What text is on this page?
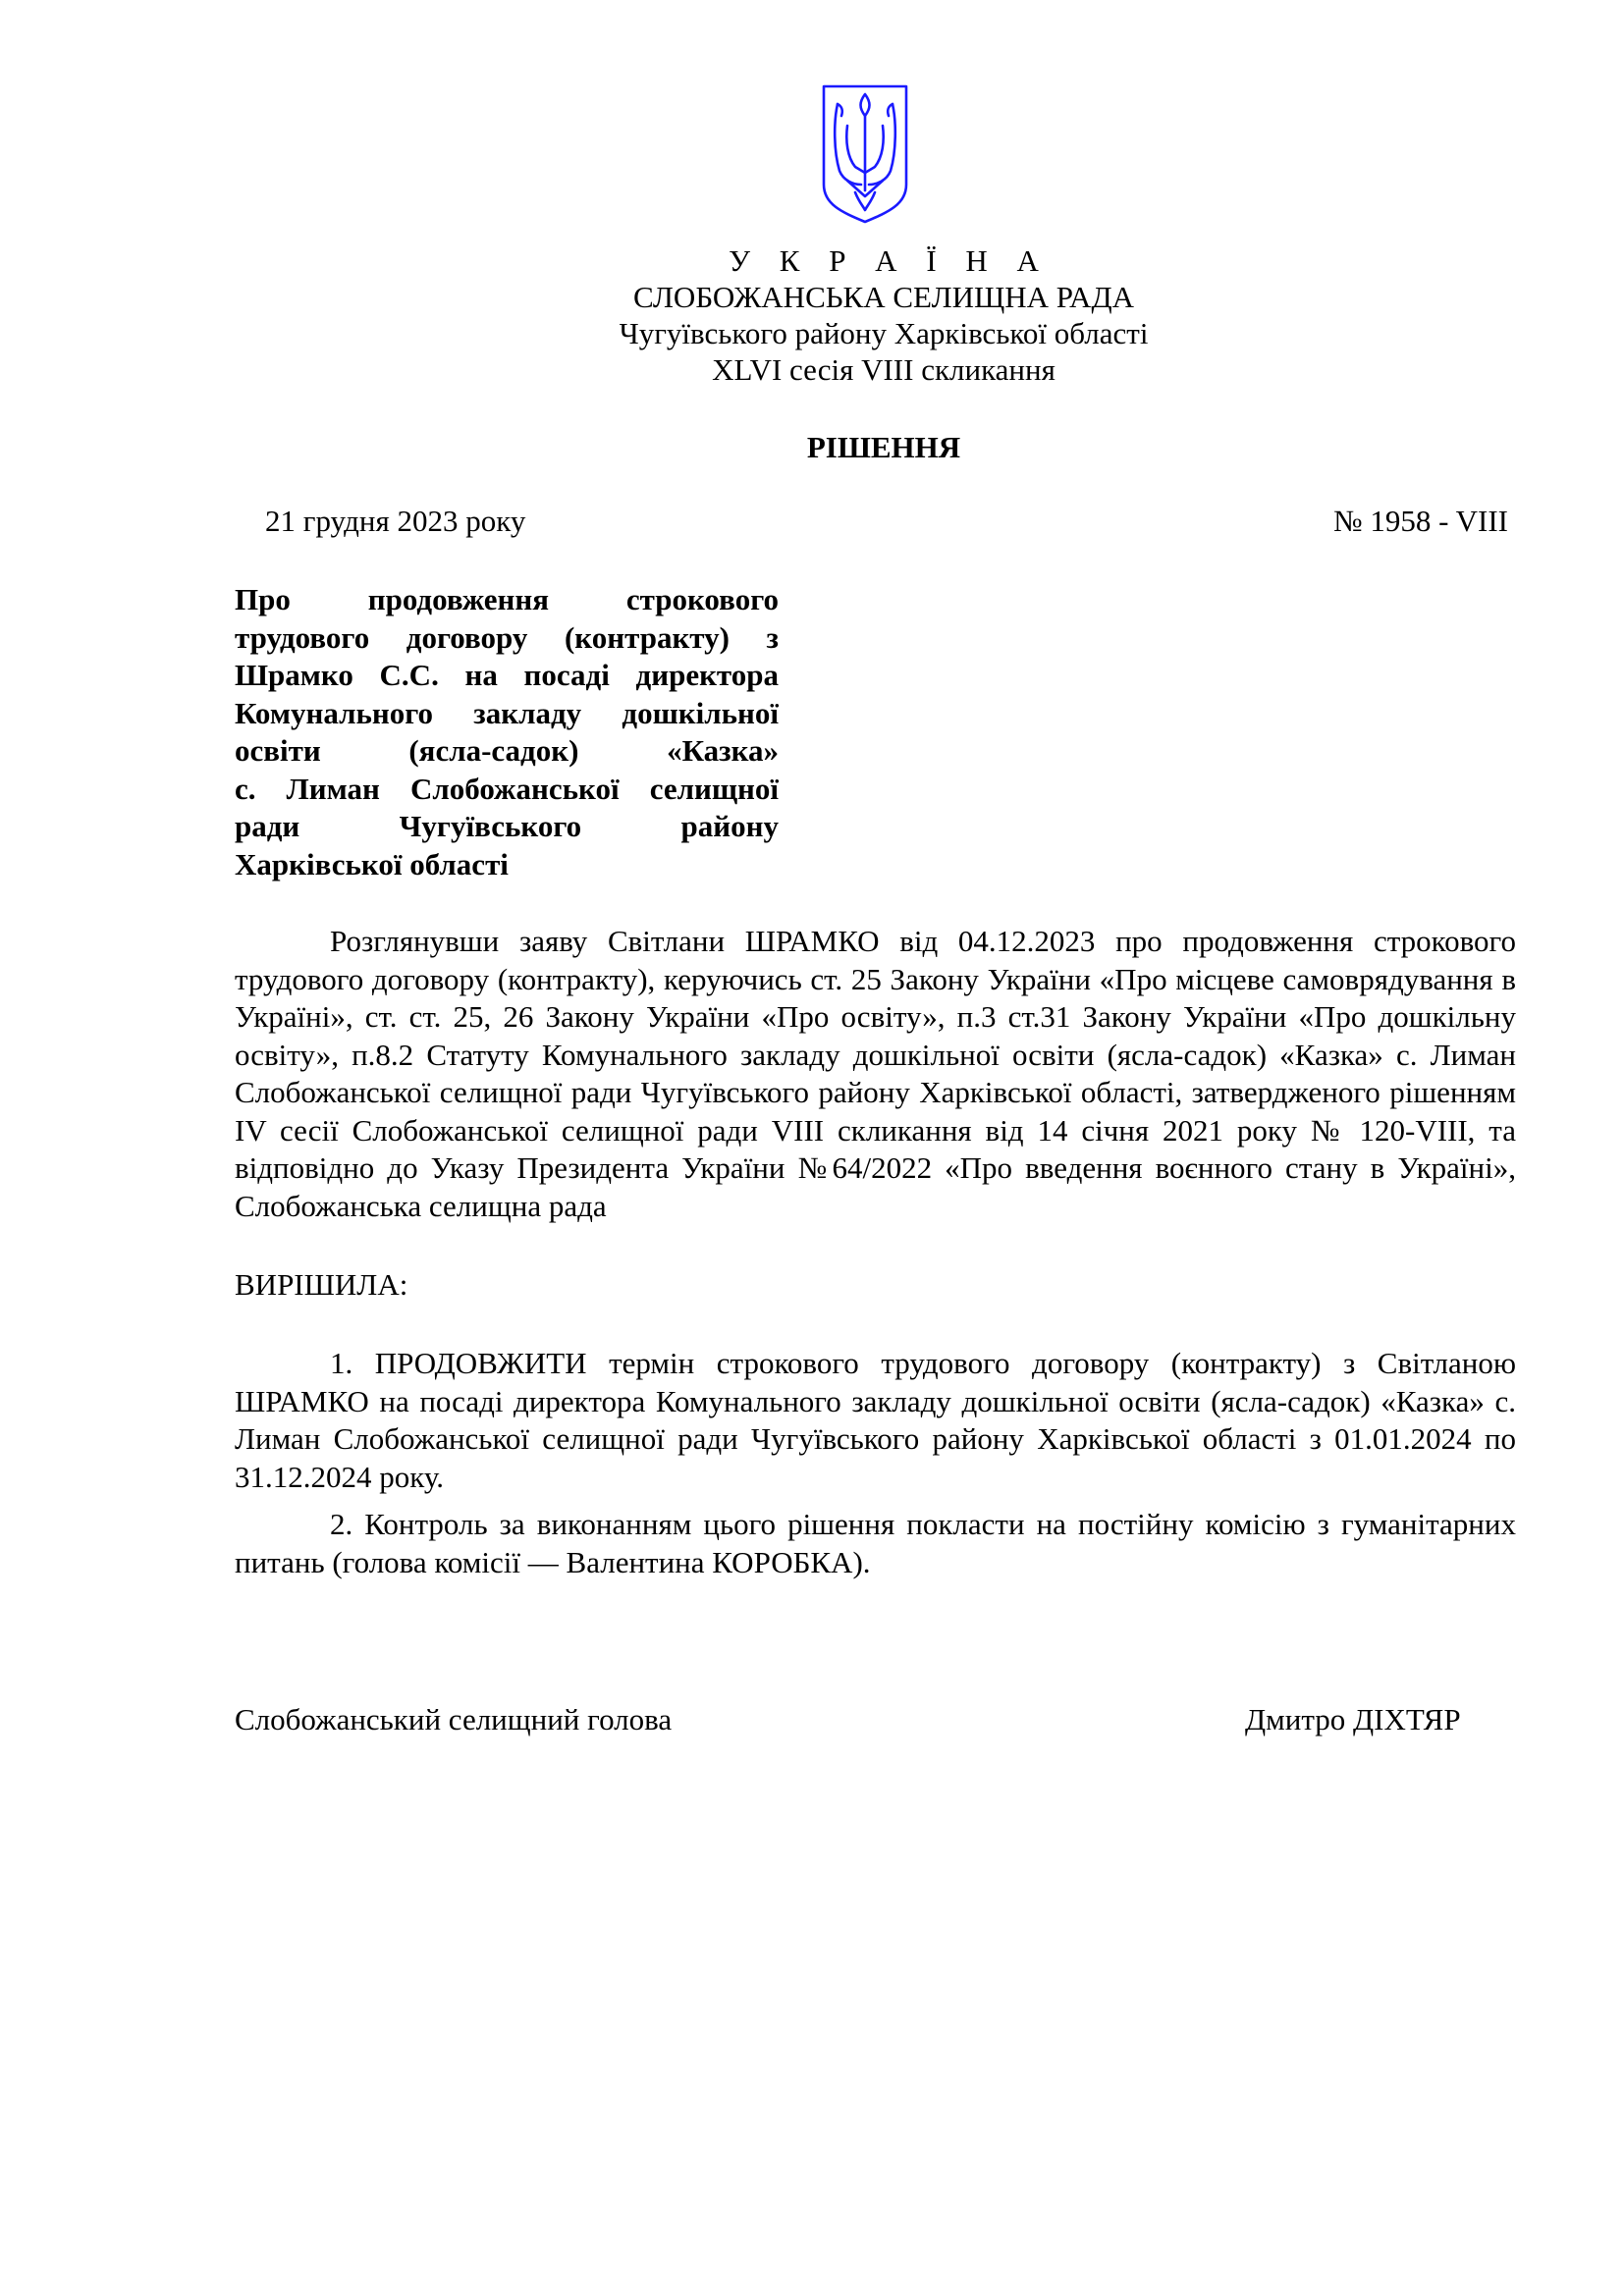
У К Р А Ї Н А
СЛОБОЖАНСЬКА СЕЛИЩНА РАДА
Чугуївського району Харківської області
XLVI сесія VIII скликання
РІШЕННЯ
21 грудня 2023 року	№ 1958 - VIII
Про продовження строкового
трудового договору (контракту) з
Шрамко С.С. на посаді директора
Комунального закладу дошкільної
освіти (ясла-садок) «Казка»
с. Лиман Слобожанської селищної
ради Чугуївського району
Харківської області
Розглянувши заяву Світлани ШРАМКО від 04.12.2023 про продовження строкового трудового договору (контракту), керуючись ст. 25 Закону України «Про місцеве самоврядування в Україні», ст. ст. 25, 26 Закону України «Про освіту», п.3 ст.31 Закону України «Про дошкільну освіту», п.8.2 Статуту Комунального закладу дошкільної освіти (ясла-садок) «Казка» с. Лиман Слобожанської селищної ради Чугуївського району Харківської області, затвердженого рішенням IV сесії Слобожанської селищної ради VIII скликання від 14 січня 2021 року № 120-VIII, та відповідно до Указу Президента України №64/2022 «Про введення воєнного стану в Україні», Слобожанська селищна рада
ВИРІШИЛА:
1. ПРОДОВЖИТИ термін строкового трудового договору (контракту) з Світланою ШРАМКО на посаді директора Комунального закладу дошкільної освіти (ясла-садок) «Казка» с. Лиман Слобожанської селищної ради Чугуївського району Харківської області з 01.01.2024 по 31.12.2024 року.
2. Контроль за виконанням цього рішення покласти на постійну комісію з гуманітарних питань (голова комісії — Валентина КОРОБКА).
Слобожанський селищний голова	Дмитро ДІХТЯР
